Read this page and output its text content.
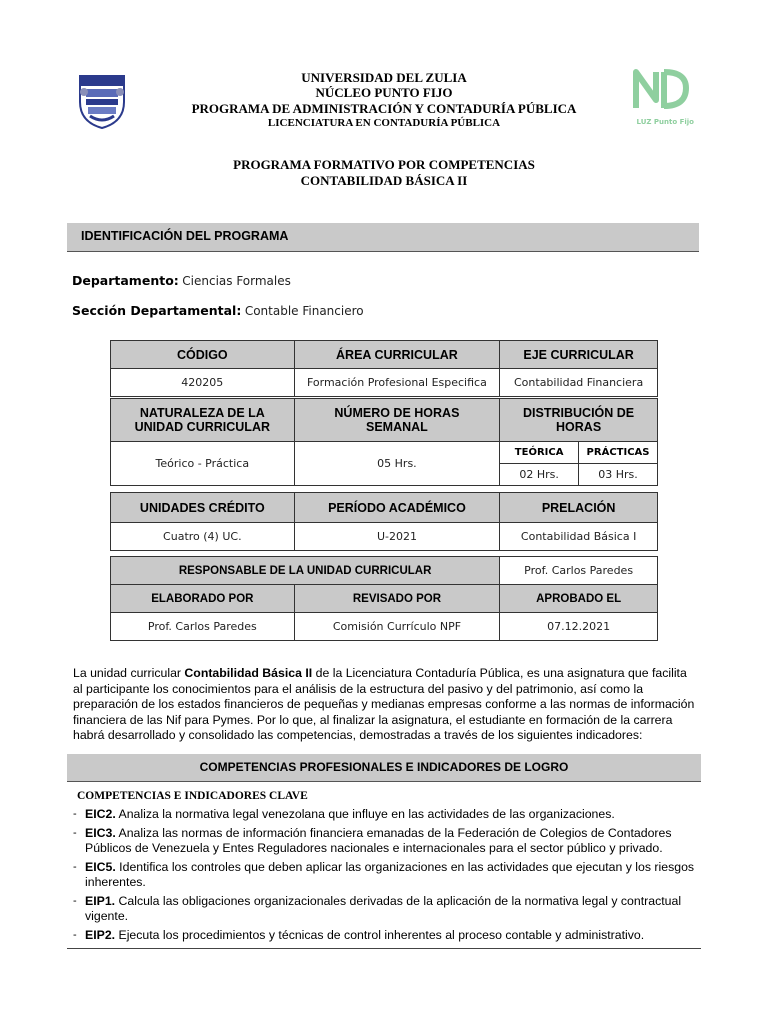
LUZ Punto Fijo
UNIVERSIDAD DEL ZULIA
NÚCLEO PUNTO FIJO
PROGRAMA DE ADMINISTRACIÓN Y CONTADURÍA PÚBLICA
LICENCIATURA EN CONTADURÍA PÚBLICA
PROGRAMA FORMATIVO POR COMPETENCIAS
CONTABILIDAD BÁSICA II
IDENTIFICACIÓN DEL PROGRAMA
Departamento: Ciencias Formales
Sección Departamental: Contable Financiero
CÓDIGO	ÁREA CURRICULAR	EJE CURRICULAR
420205	Formación Profesional Especifica	Contabilidad Financiera
NATURALEZA DE LA UNIDAD CURRICULAR	NÚMERO DE HORAS SEMANAL	DISTRIBUCIÓN DE HORAS	
Teórico - Práctica	05 Hrs.	TEÓRICA	PRÁCTICAS
		02 Hrs.	03 Hrs.
UNIDADES CRÉDITO	PERÍODO ACADÉMICO	PRELACIÓN
Cuatro (4) UC.	U-2021	Contabilidad Básica I
RESPONSABLE DE LA UNIDAD CURRICULAR		Prof. Carlos Paredes
ELABORADO POR	REVISADO POR	APROBADO EL
Prof. Carlos Paredes	Comisión Currículo NPF	07.12.2021
La unidad curricular Contabilidad Básica II de la Licenciatura Contaduría Pública, es una asignatura que facilita al participante los conocimientos para el análisis de la estructura del pasivo y del patrimonio, así como la preparación de los estados financieros de pequeñas y medianas empresas conforme a las normas de información financiera de las Nif para Pymes. Por lo que, al finalizar la asignatura, el estudiante en formación de la carrera habrá desarrollado y consolidado las competencias, demostradas a través de los siguientes indicadores:
COMPETENCIAS PROFESIONALES E INDICADORES DE LOGRO
COMPETENCIAS E INDICADORES CLAVE
- EIC2. Analiza la normativa legal venezolana que influye en las actividades de las organizaciones.
- EIC3. Analiza las normas de información financiera emanadas de la Federación de Colegios de Contadores Públicos de Venezuela y Entes Reguladores nacionales e internacionales para el sector público y privado.
- EIC5. Identifica los controles que deben aplicar las organizaciones en las actividades que ejecutan y los riesgos inherentes.
- EIP1. Calcula las obligaciones organizacionales derivadas de la aplicación de la normativa legal y contractual vigente.
- EIP2. Ejecuta los procedimientos y técnicas de control inherentes al proceso contable y administrativo.
